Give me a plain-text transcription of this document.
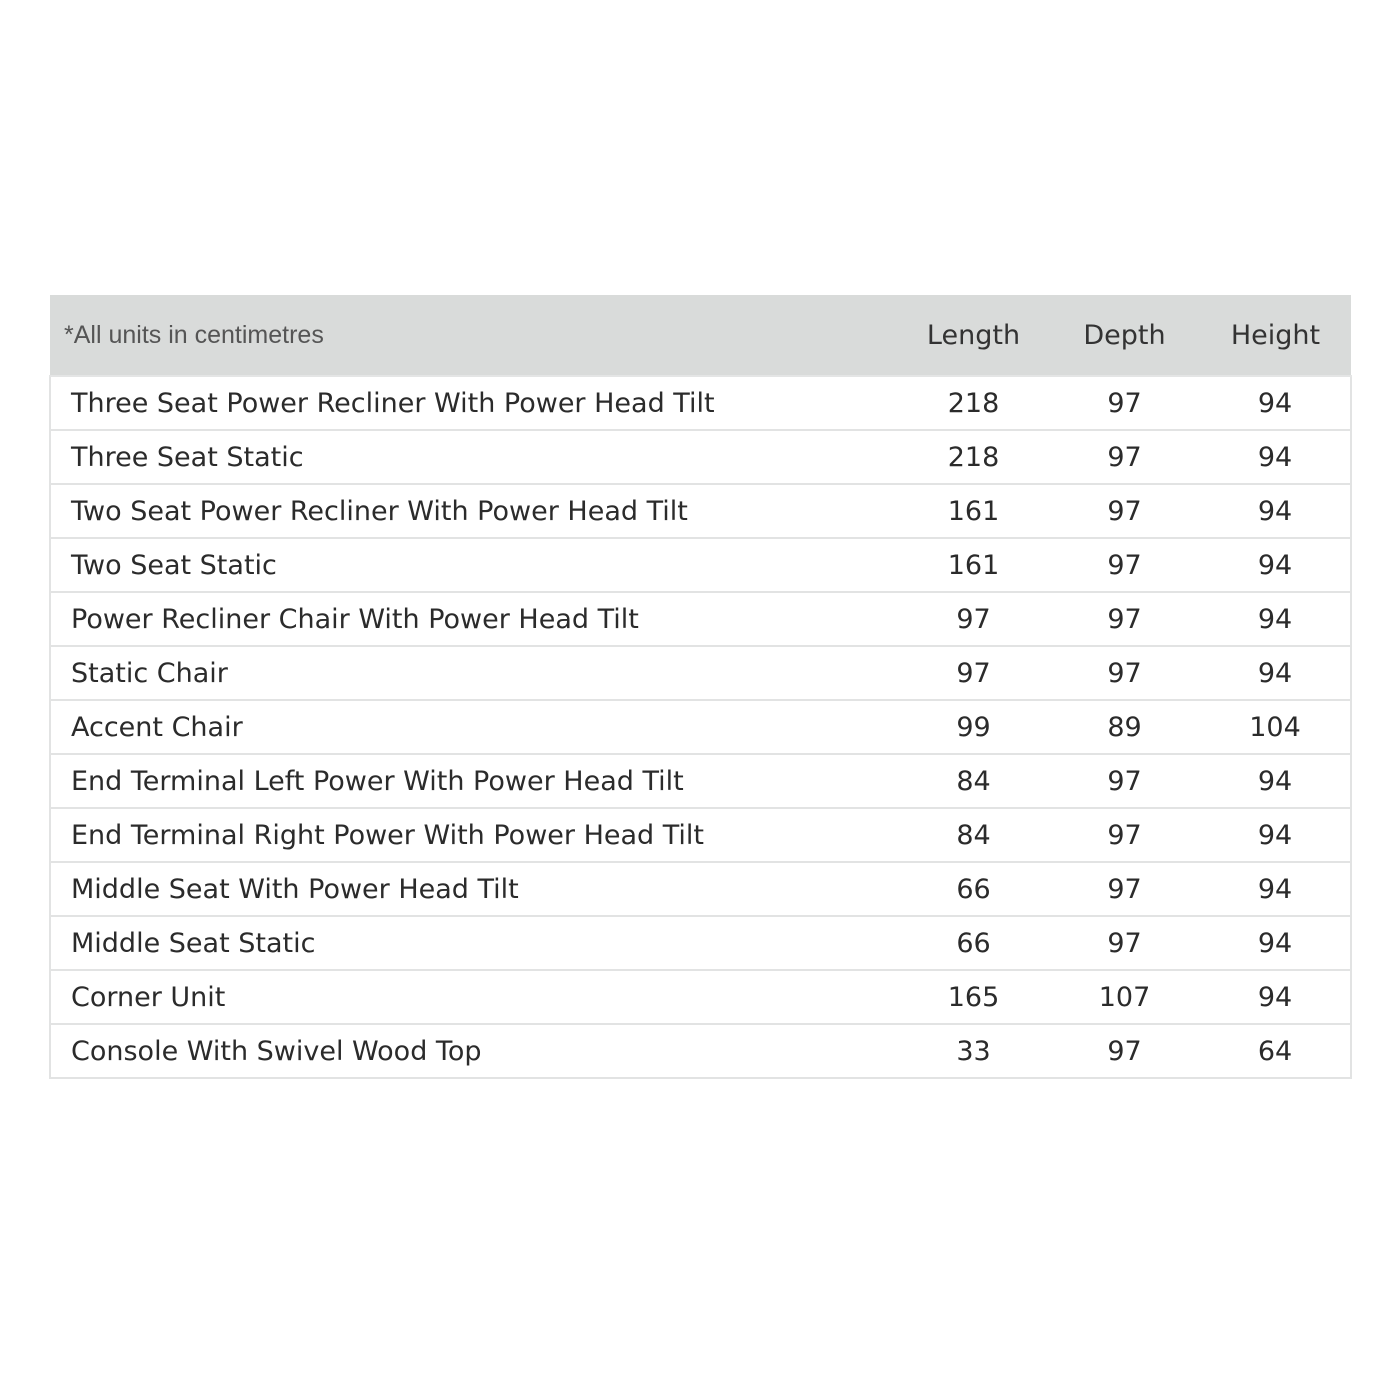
*All units in centimetres	Length	Depth	Height
Three Seat Power Recliner With Power Head Tilt	218	97	94
Three Seat Static	218	97	94
Two Seat Power Recliner With Power Head Tilt	161	97	94
Two Seat Static	161	97	94
Power Recliner Chair With Power Head Tilt	97	97	94
Static Chair	97	97	94
Accent Chair	99	89	104
End Terminal Left Power With Power Head Tilt	84	97	94
End Terminal Right Power With Power Head Tilt	84	97	94
Middle Seat With Power Head Tilt	66	97	94
Middle Seat Static	66	97	94
Corner Unit	165	107	94
Console With Swivel Wood Top	33	97	64
